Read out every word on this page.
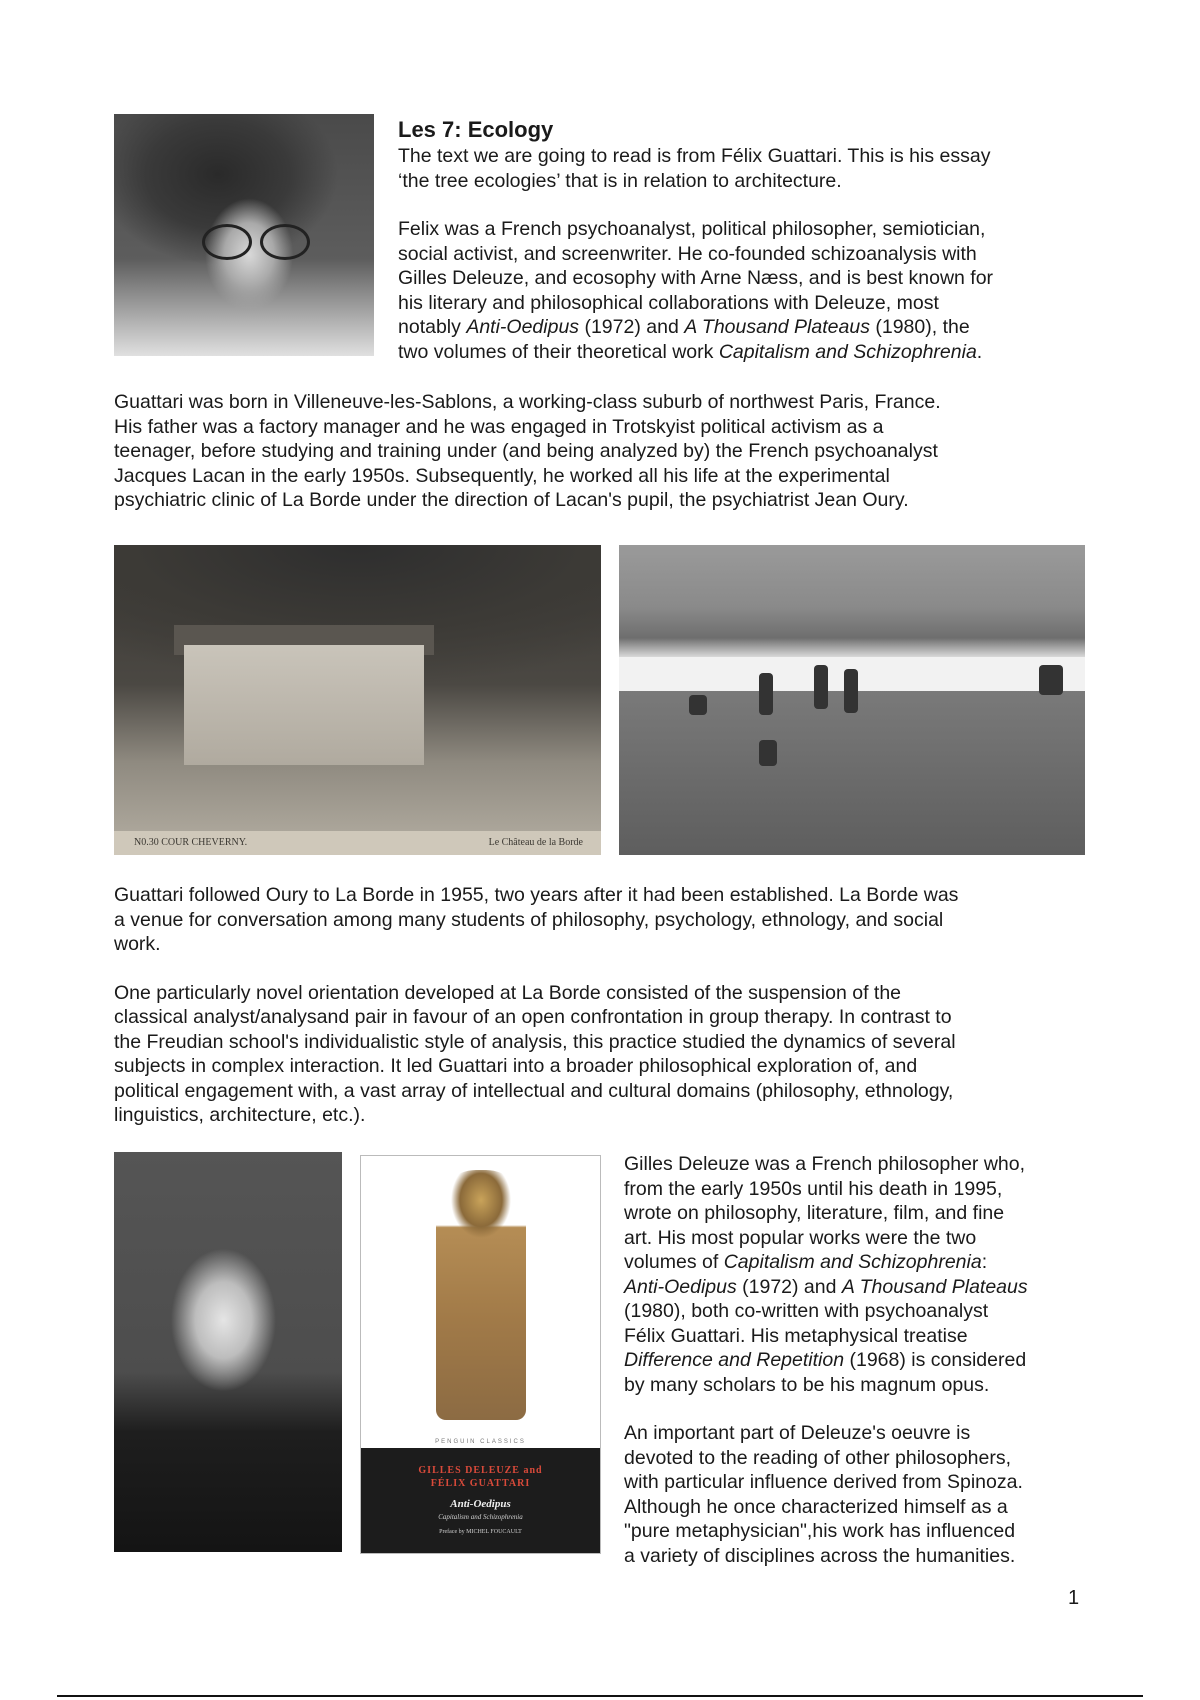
Les 7: Ecology

The text we are going to read is from Félix Guattari. This is his essay

‘the tree ecologies’ that is in relation to architecture.

Felix was a French psychoanalyst, political philosopher, semiotician,

social activist, and screenwriter. He co-founded schizoanalysis with

Gilles Deleuze, and ecosophy with Arne Næss, and is best known for

his literary and philosophical collaborations with Deleuze, most

notably Anti-Oedipus (1972) and A Thousand Plateaus (1980), the

two volumes of their theoretical work Capitalism and Schizophrenia.

Guattari was born in Villeneuve-les-Sablons, a working-class suburb of northwest Paris, France.

His father was a factory manager and he was engaged in Trotskyist political activism as a

teenager, before studying and training under (and being analyzed by) the French psychoanalyst

Jacques Lacan in the early 1950s. Subsequently, he worked all his life at the experimental

psychiatric clinic of La Borde under the direction of Lacan's pupil, the psychiatrist Jean Oury.

N0.30 COUR CHEVERNY.	Le Château de la Borde

Guattari followed Oury to La Borde in 1955, two years after it had been established. La Borde was

a venue for conversation among many students of philosophy, psychology, ethnology, and social

work.

One particularly novel orientation developed at La Borde consisted of the suspension of the

classical analyst/analysand pair in favour of an open confrontation in group therapy. In contrast to

the Freudian school's individualistic style of analysis, this practice studied the dynamics of several

subjects in complex interaction. It led Guattari into a broader philosophical exploration of, and

political engagement with, a vast array of intellectual and cultural domains (philosophy, ethnology,

linguistics, architecture, etc.).

PENGUIN CLASSICS
GILLES DELEUZE and
FÉLIX GUATTARI
Anti-Oedipus
Capitalism and Schizophrenia
Preface by MICHEL FOUCAULT

Gilles Deleuze was a French philosopher who,

from the early 1950s until his death in 1995,

wrote on philosophy, literature, film, and fine

art. His most popular works were the two

volumes of Capitalism and Schizophrenia:

Anti-Oedipus (1972) and A Thousand Plateaus

(1980), both co-written with psychoanalyst

Félix Guattari. His metaphysical treatise

Difference and Repetition (1968) is considered

by many scholars to be his magnum opus.

An important part of Deleuze's oeuvre is

devoted to the reading of other philosophers,

with particular influence derived from Spinoza.

Although he once characterized himself as a

"pure metaphysician",his work has influenced

a variety of disciplines across the humanities.

1
